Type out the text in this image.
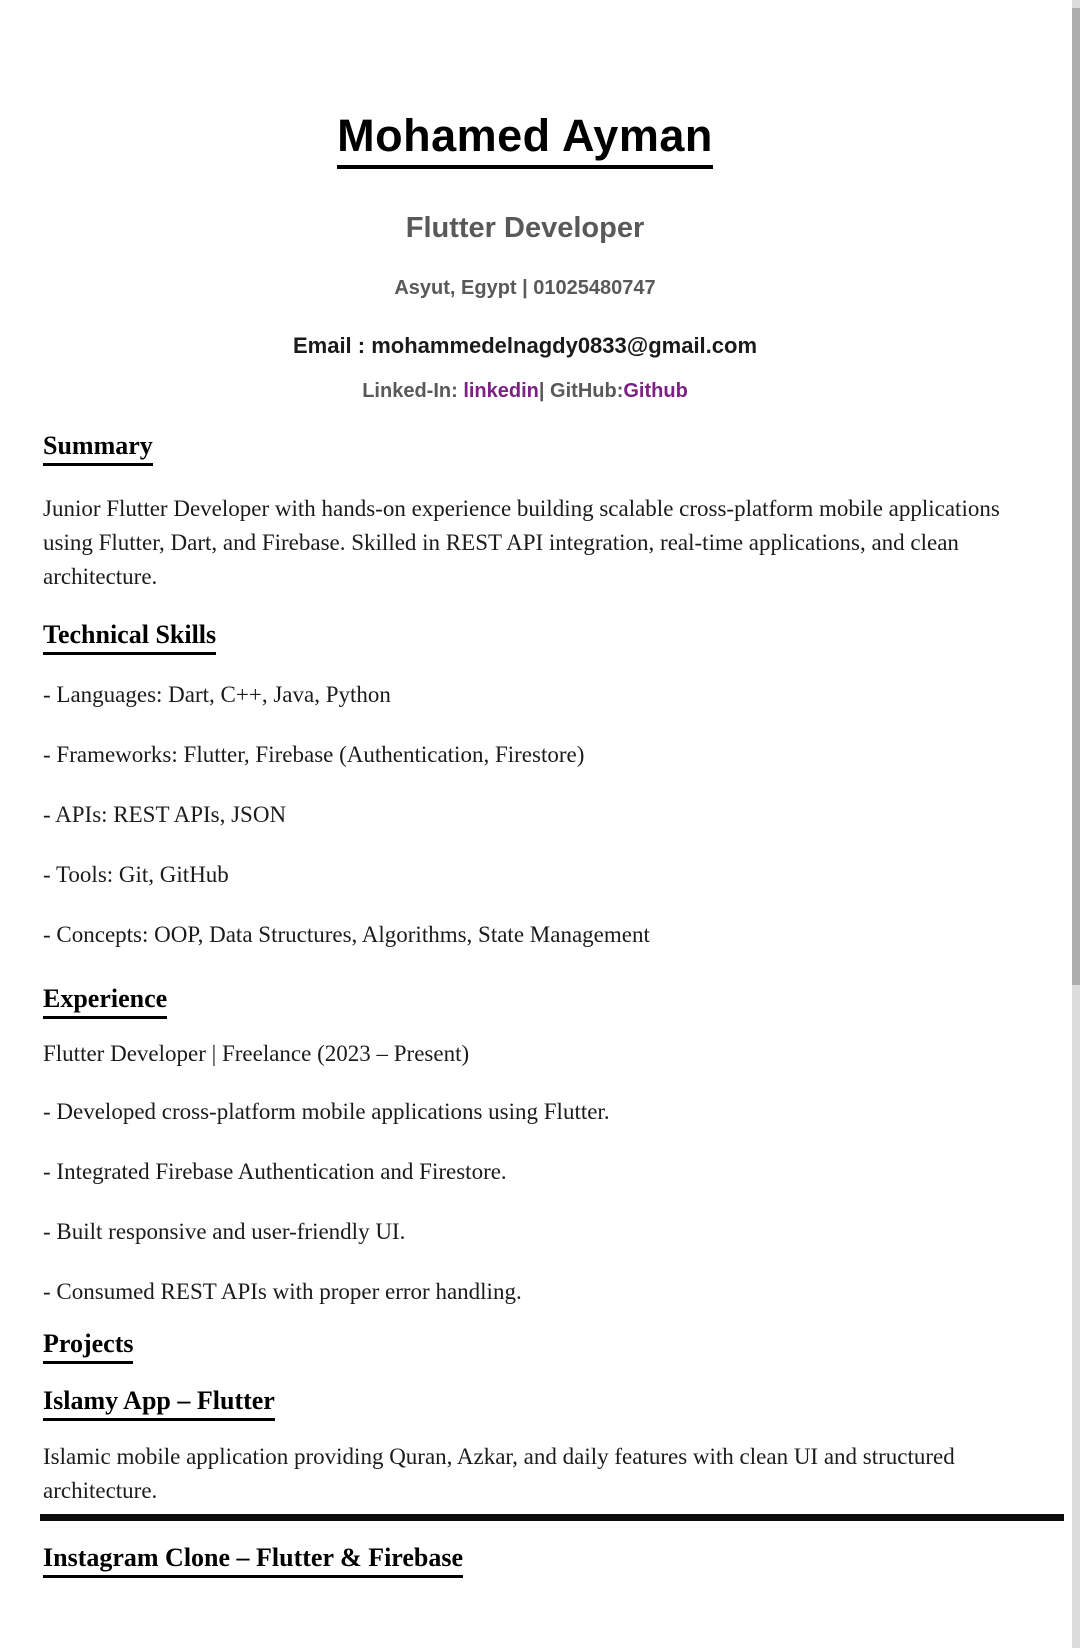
Mohamed Ayman
Flutter Developer
Asyut, Egypt | 01025480747
Email : mohammedelnagdy0833@gmail.com
Linked-In: linkedin| GitHub:Github
Summary

Junior Flutter Developer with hands-on experience building scalable cross-platform mobile applications using Flutter, Dart, and Firebase. Skilled in REST API integration, real-time applications, and clean architecture.

Technical Skills

- Languages: Dart, C++, Java, Python

- Frameworks: Flutter, Firebase (Authentication, Firestore)

- APIs: REST APIs, JSON

- Tools: Git, GitHub

- Concepts: OOP, Data Structures, Algorithms, State Management

Experience

Flutter Developer | Freelance (2023 – Present)

- Developed cross-platform mobile applications using Flutter.

- Integrated Firebase Authentication and Firestore.

- Built responsive and user-friendly UI.

- Consumed REST APIs with proper error handling.

Projects
Islamy App – Flutter

Islamic mobile application providing Quran, Azkar, and daily features with clean UI and structured architecture.

Instagram Clone – Flutter & Firebase
